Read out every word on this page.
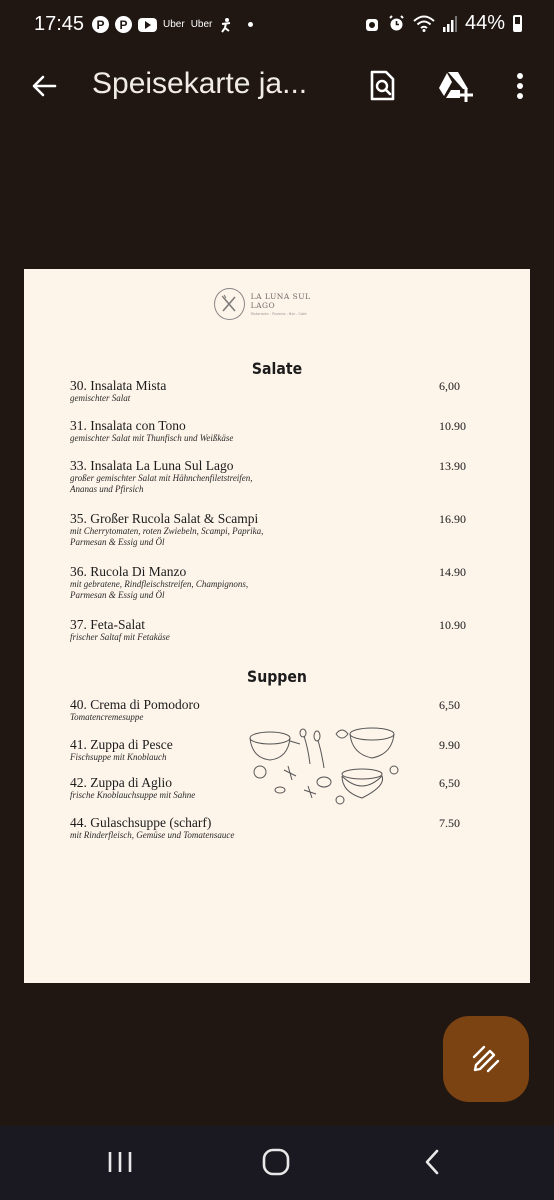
17:45	P	P	Uber Uber	44%
Speisekarte ja...
LA LUNA SUL LAGO
Ristorante - Pizzeria - Bar - Cafe
Salate
30. Insalata Mista
gemischter Salat
6,00
31. Insalata con Tono
gemischter Salat mit Thunfisch und Weißkäse
10.90
33. Insalata La Luna Sul Lago
großer gemischter Salat mit Hähnchenfiletstreifen,
Ananas und Pfirsich
13.90
35. Großer Rucola Salat & Scampi
mit Cherrytomaten, roten Zwiebeln, Scampi, Paprika,
Parmesan & Essig und Öl
16.90
36. Rucola Di Manzo
mit gebratene, Rindfleischstreifen, Champignons,
Parmesan & Essig und Öl
14.90
37. Feta-Salat
frischer Saltaf mit Fetakäse
10.90
Suppen
40. Crema di Pomodoro
Tomatencremesuppe
6,50
41. Zuppa di Pesce
Fischsuppe mit Knoblauch
9.90
42. Zuppa di Aglio
frische Knoblauchsuppe mit Sahne
6,50
44. Gulaschsuppe (scharf)
mit Rinderfleisch, Gemüse und Tomatensauce
7.50
